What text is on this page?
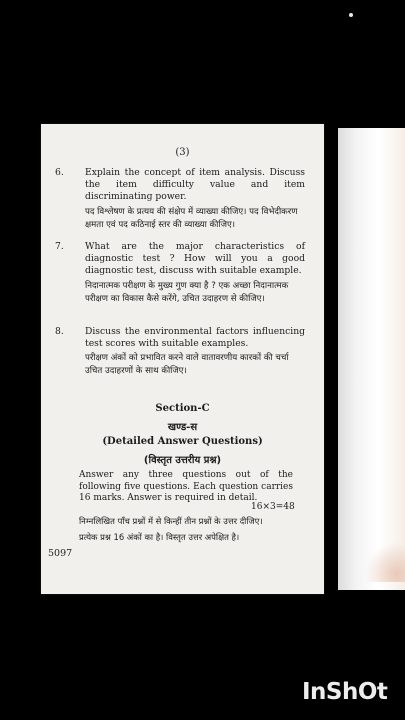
(3)
6. Explain the concept of item analysis. Discuss the item difficulty value and item discriminating power.

पद विश्लेषण के प्रत्यय की संक्षेप में व्याख्या कीजिए। पद विभेदीकरण क्षमता एवं पद कठिनाई स्तर की व्याख्या कीजिए।

7. What are the major characteristics of diagnostic test ? How will you a good diagnostic test, discuss with suitable example.

निदानात्मक परीक्षण के मुख्य गुण क्या है ? एक अच्छा निदानात्मक परीक्षण का विकास कैसे करेंगे, उचित उदाहरण से कीजिए।

8. Discuss the environmental factors influencing test scores with suitable examples.

परीक्षण अंकों को प्रभावित करने वाले वातावरणीय कारकों की चर्चा उचित उदाहरणों के साथ कीजिए।

Section-C
खण्ड-स
(Detailed Answer Questions)
(विस्तृत उत्तरीय प्रश्न)
Answer any three questions out of the following five questions. Each question carries 16 marks. Answer is required in detail.
16×3=48
निम्नलिखित पाँच प्रश्नों में से किन्हीं तीन प्रश्नों के उत्तर दीजिए।
प्रत्येक प्रश्न 16 अंकों का है। विस्तृत उत्तर अपेक्षित है।
5097
InShOt
